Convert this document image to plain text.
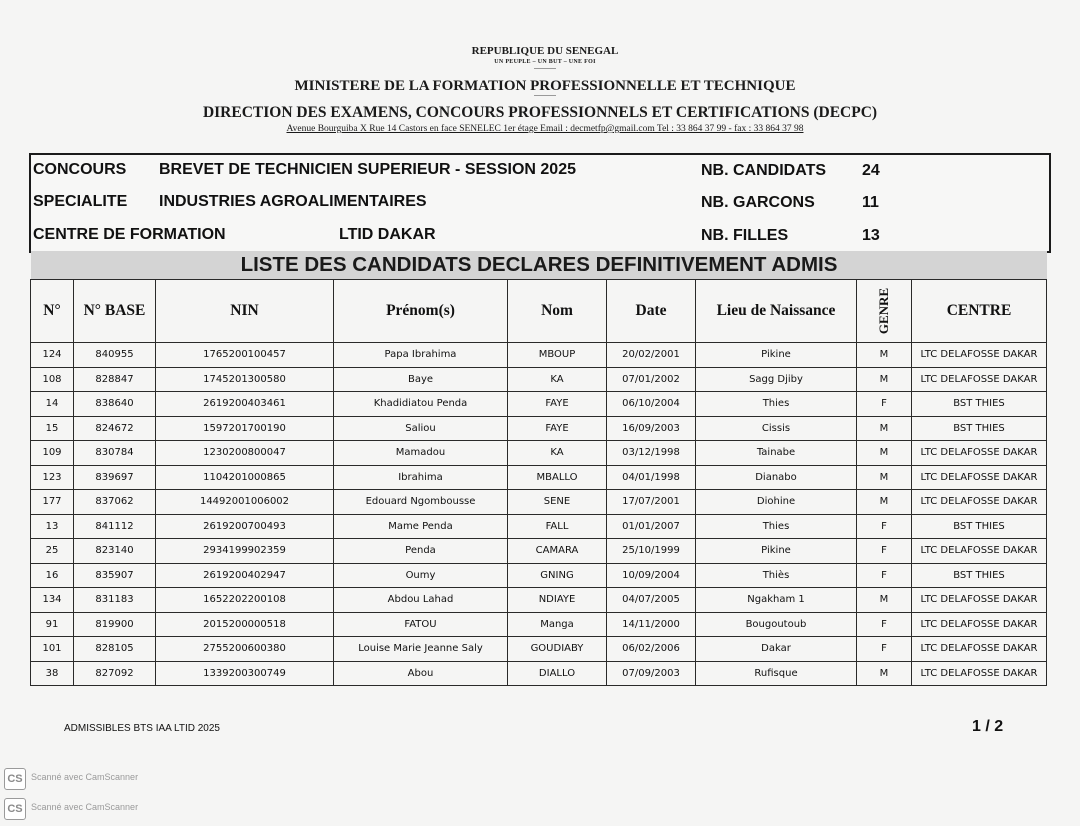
REPUBLIQUE DU SENEGAL
UN PEUPLE – UN BUT – UNE FOI
-----------
MINISTERE DE LA FORMATION PROFESSIONNELLE ET TECHNIQUE
-----------
DIRECTION DES EXAMENS, CONCOURS PROFESSIONNELS ET CERTIFICATIONS (DECPC)
Avenue Bourguiba X Rue 14 Castors en face SENELEC 1er étage Email : decmetfp@gmail.com Tel : 33 864 37 99 - fax : 33 864 37 98
CONCOURS BREVET DE TECHNICIEN SUPERIEUR - SESSION 2025
SPECIALITE INDUSTRIES AGROALIMENTAIRES
CENTRE DE FORMATION	LTID DAKAR
NB. CANDIDATS 24
NB. GARCONS	11
NB. FILLES	13
LISTE DES CANDIDATS DECLARES DEFINITIVEMENT ADMIS
N°	N° BASE	NIN	Prénom(s)	Nom	Date	Lieu de Naissance	GENRE	CENTRE
124	840955	1765200100457	Papa Ibrahima	MBOUP	20/02/2001	Pikine	M	LTC DELAFOSSE DAKAR
108	828847	1745201300580	Baye	KA	07/01/2002	Sagg Djiby	M	LTC DELAFOSSE DAKAR
14	838640	2619200403461	Khadidiatou Penda	FAYE	06/10/2004	Thies	F	BST THIES
15	824672	1597201700190	Saliou	FAYE	16/09/2003	Cissis	M	BST THIES
109	830784	1230200800047	Mamadou	KA	03/12/1998	Tainabe	M	LTC DELAFOSSE DAKAR
123	839697	1104201000865	Ibrahima	MBALLO	04/01/1998	Dianabo	M	LTC DELAFOSSE DAKAR
177	837062	14492001006002	Edouard Ngombousse	SENE	17/07/2001	Diohine	M	LTC DELAFOSSE DAKAR
13	841112	2619200700493	Mame Penda	FALL	01/01/2007	Thies	F	BST THIES
25	823140	2934199902359	Penda	CAMARA	25/10/1999	Pikine	F	LTC DELAFOSSE DAKAR
16	835907	2619200402947	Oumy	GNING	10/09/2004	Thiès	F	BST THIES
134	831183	1652202200108	Abdou Lahad	NDIAYE	04/07/2005	Ngakham 1	M	LTC DELAFOSSE DAKAR
91	819900	2015200000518	FATOU	Manga	14/11/2000	Bougoutoub	F	LTC DELAFOSSE DAKAR
101	828105	2755200600380	Louise Marie Jeanne Saly	GOUDIABY	06/02/2006	Dakar	F	LTC DELAFOSSE DAKAR
38	827092	1339200300749	Abou	DIALLO	07/09/2003	Rufisque	M	LTC DELAFOSSE DAKAR
ADMISSIBLES BTS IAA LTID 2025	1 / 2
CS Scanné avec CamScanner
CS Scanné avec CamScanner
